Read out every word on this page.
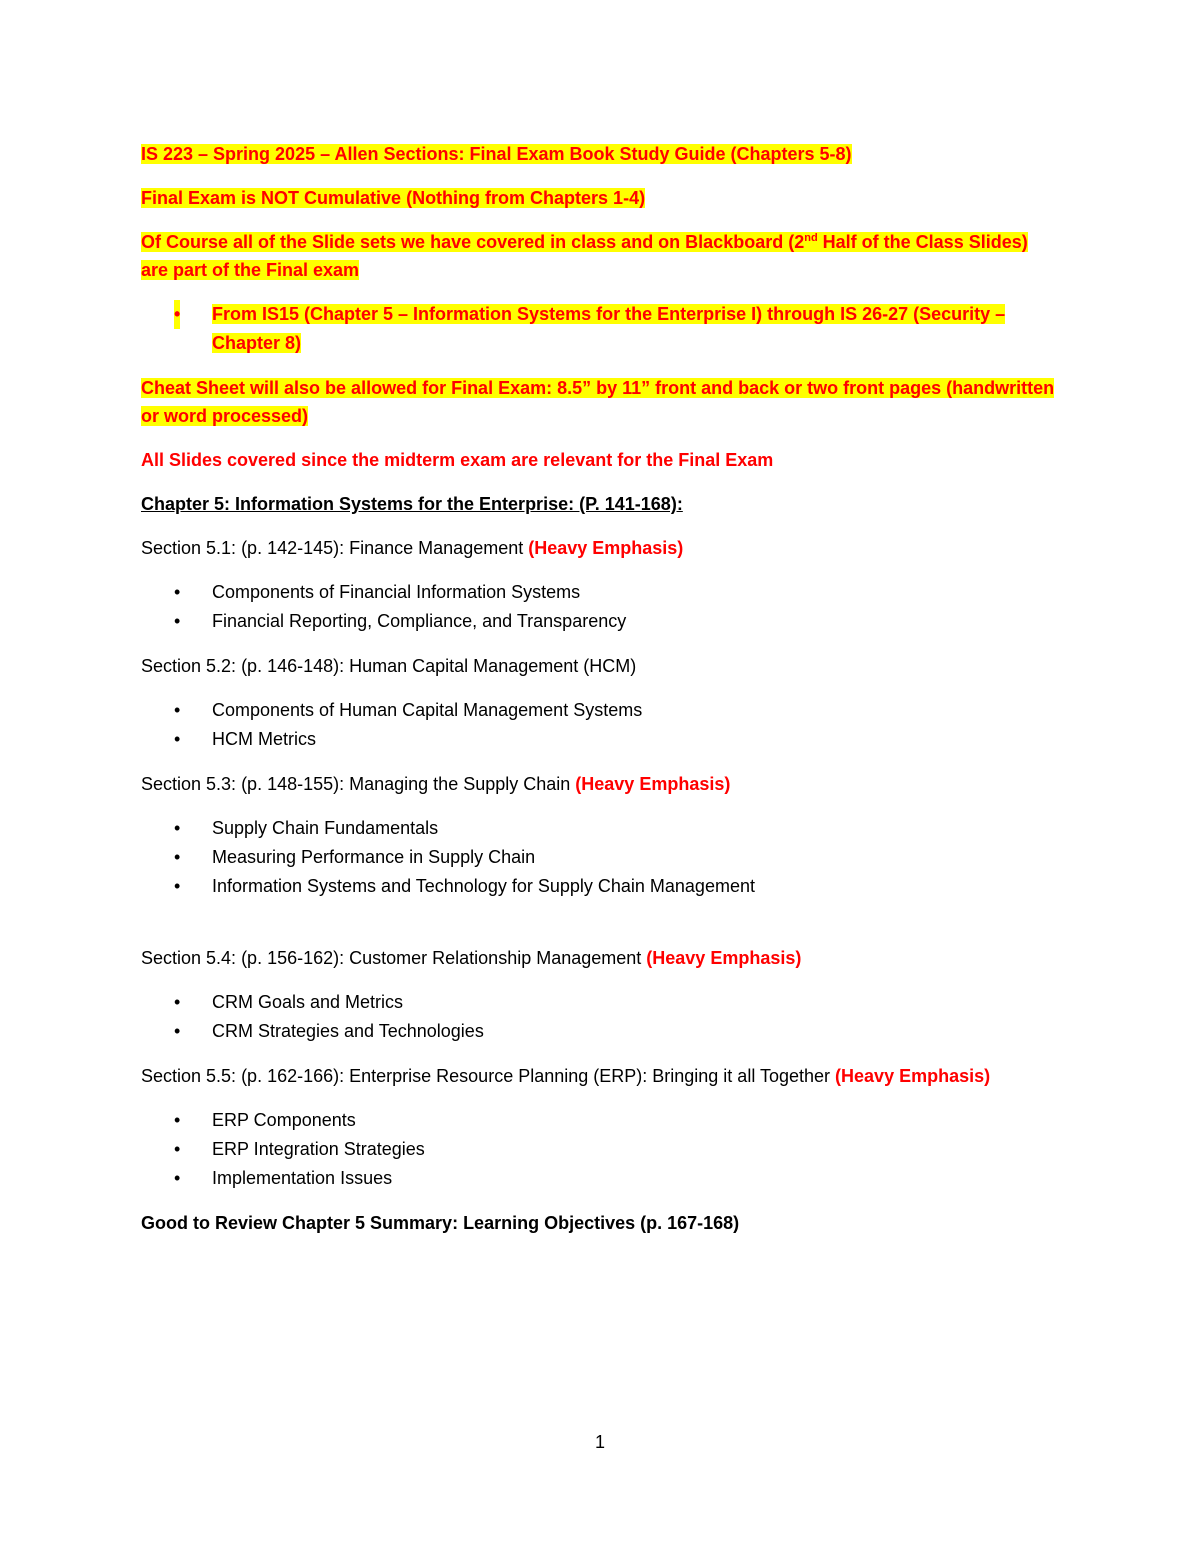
IS 223 – Spring 2025 – Allen Sections: Final Exam Book Study Guide (Chapters 5-8)

Final Exam is NOT Cumulative (Nothing from Chapters 1-4)

Of Course all of the Slide sets we have covered in class and on Blackboard (2nd Half of the Class Slides) are part of the Final exam

• From IS15 (Chapter 5 – Information Systems for the Enterprise I) through IS 26-27 (Security – Chapter 8)

Cheat Sheet will also be allowed for Final Exam: 8.5” by 11” front and back or two front pages (handwritten or word processed)

All Slides covered since the midterm exam are relevant for the Final Exam

Chapter 5: Information Systems for the Enterprise: (P. 141-168):

Section 5.1: (p. 142-145): Finance Management (Heavy Emphasis)

• Components of Financial Information Systems
• Financial Reporting, Compliance, and Transparency

Section 5.2: (p. 146-148): Human Capital Management (HCM)

• Components of Human Capital Management Systems
• HCM Metrics

Section 5.3: (p. 148-155): Managing the Supply Chain (Heavy Emphasis)

• Supply Chain Fundamentals
• Measuring Performance in Supply Chain
• Information Systems and Technology for Supply Chain Management

Section 5.4: (p. 156-162): Customer Relationship Management (Heavy Emphasis)

• CRM Goals and Metrics
• CRM Strategies and Technologies

Section 5.5: (p. 162-166): Enterprise Resource Planning (ERP): Bringing it all Together (Heavy Emphasis)

• ERP Components
• ERP Integration Strategies
• Implementation Issues

Good to Review Chapter 5 Summary: Learning Objectives (p. 167-168)

1
